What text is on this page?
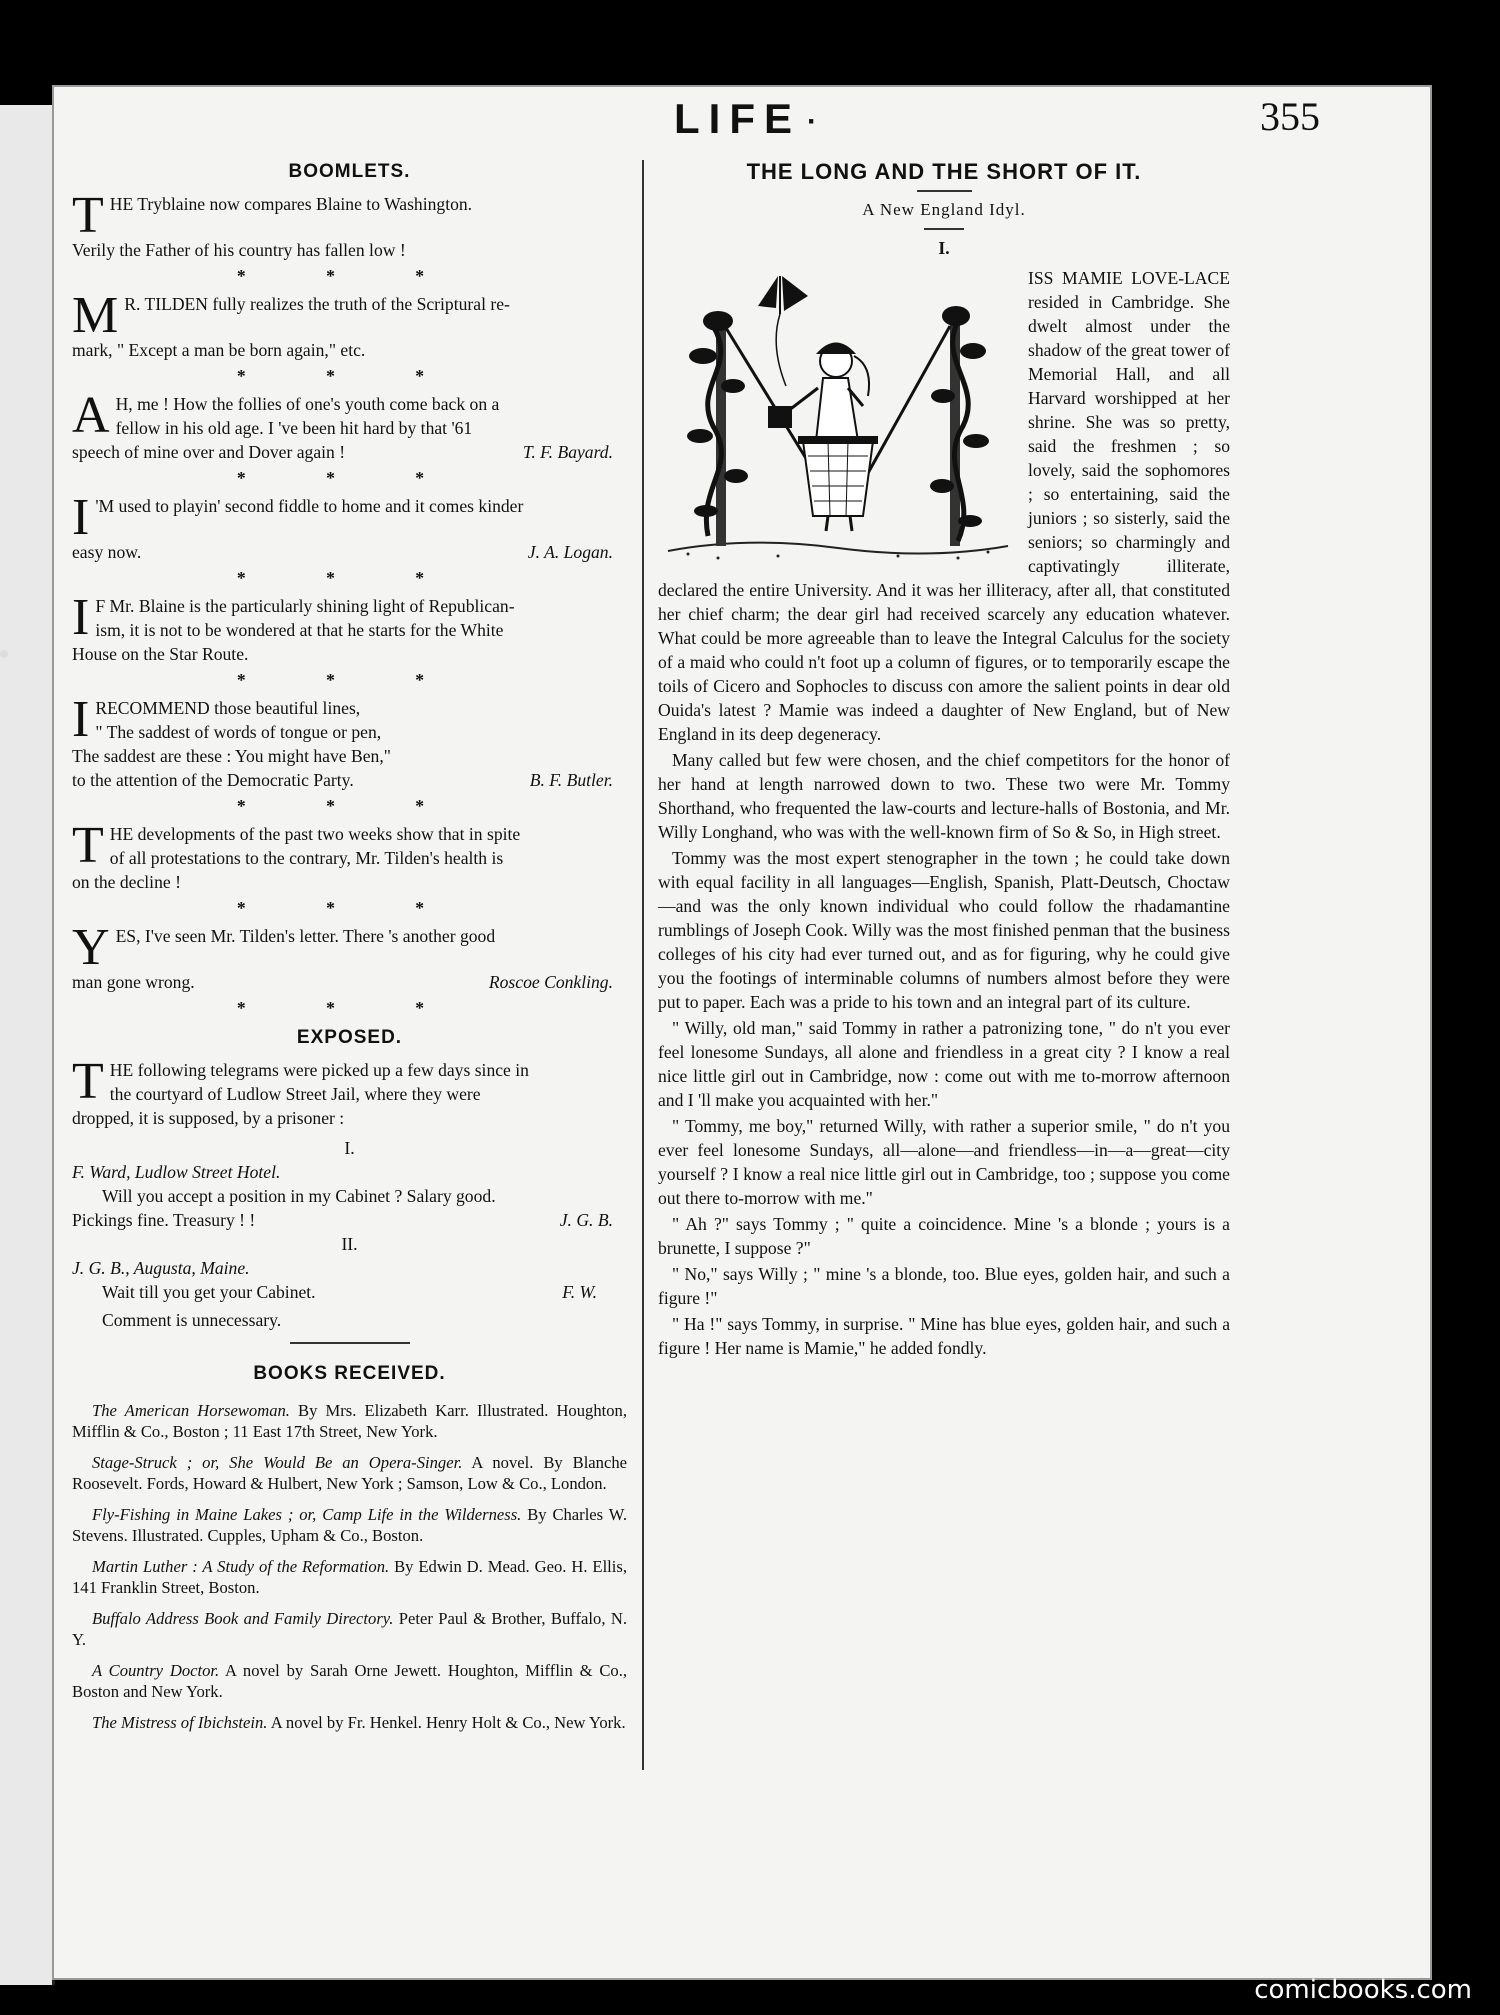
LIFE ·	355
BOOMLETS.
T HE Tryblaine now compares Blaine to Washington.
Verily the Father of his country has fallen low !
* * *
M R. TILDEN fully realizes the truth of the Scriptural re-
mark, " Except a man be born again," etc.
* * *
A H, me ! How the follies of one's youth come back on a
fellow in his old age. I 've been hit hard by that '61
speech of mine over and Dover again !	T. F. Bayard.
* * *
I 'M used to playin' second fiddle to home and it comes kinder
easy now.	J. A. Logan.
* * *
I F Mr. Blaine is the particularly shining light of Republican-
ism, it is not to be wondered at that he starts for the White
House on the Star Route.
* * *
I RECOMMEND those beautiful lines,
" The saddest of words of tongue or pen,
The saddest are these : You might have Ben,"
to the attention of the Democratic Party.	B. F. Butler.
* * *
T HE developments of the past two weeks show that in spite
of all protestations to the contrary, Mr. Tilden's health is
on the decline !
* * *
Y ES, I've seen Mr. Tilden's letter. There 's another good
man gone wrong.	Roscoe Conkling.
* * *
EXPOSED.
T HE following telegrams were picked up a few days since in
the courtyard of Ludlow Street Jail, where they were
dropped, it is supposed, by a prisoner :
I.
F. Ward, Ludlow Street Hotel.
Will you accept a position in my Cabinet ? Salary good.
Pickings fine. Treasury ! !	J. G. B.
II.
J. G. B., Augusta, Maine.
Wait till you get your Cabinet.	F. W.
Comment is unnecessary.
BOOKS RECEIVED.
The American Horsewoman. By Mrs. Elizabeth Karr. Illustrated. Houghton, Mifflin & Co., Boston ; 11 East 17th Street, New York.
Stage-Struck ; or, She Would Be an Opera-Singer. A novel. By Blanche Roosevelt. Fords, Howard & Hulbert, New York ; Samson, Low & Co., London.
Fly-Fishing in Maine Lakes ; or, Camp Life in the Wilderness. By Charles W. Stevens. Illustrated. Cupples, Upham & Co., Boston.
Martin Luther : A Study of the Reformation. By Edwin D. Mead. Geo. H. Ellis, 141 Franklin Street, Boston.
Buffalo Address Book and Family Directory. Peter Paul & Brother, Buffalo, N. Y.
A Country Doctor. A novel by Sarah Orne Jewett. Houghton, Mifflin & Co., Boston and New York.
The Mistress of Ibichstein. A novel by Fr. Henkel. Henry Holt & Co., New York.
THE LONG AND THE SHORT OF IT.
A New England Idyl.
I.
ISS MAMIE LOVE-LACE resided in Cambridge. She dwelt almost under the shadow of the great tower of Memorial Hall, and all Harvard worshipped at her shrine. She was so pretty, said the freshmen ; so lovely, said the sophomores ; so entertaining, said the juniors ; so sisterly, said the seniors; so charmingly and captivatingly illiterate, declared the entire University. And it was her illiteracy, after all, that constituted her chief charm; the dear girl had received scarcely any education whatever. What could be more agreeable than to leave the Integral Calculus for the society of a maid who could n't foot up a column of figures, or to temporarily escape the toils of Cicero and Sophocles to discuss con amore the salient points in dear old Ouida's latest ? Mamie was indeed a daughter of New England, but of New England in its deep degeneracy.
Many called but few were chosen, and the chief competitors for the honor of her hand at length narrowed down to two. These two were Mr. Tommy Shorthand, who frequented the law-courts and lecture-halls of Bostonia, and Mr. Willy Longhand, who was with the well-known firm of So & So, in High street.
Tommy was the most expert stenographer in the town ; he could take down with equal facility in all languages—English, Spanish, Platt-Deutsch, Choctaw—and was the only known individual who could follow the rhadamantine rumblings of Joseph Cook. Willy was the most finished penman that the business colleges of his city had ever turned out, and as for figuring, why he could give you the footings of interminable columns of numbers almost before they were put to paper. Each was a pride to his town and an integral part of its culture.
" Willy, old man," said Tommy in rather a patronizing tone, " do n't you ever feel lonesome Sundays, all alone and friendless in a great city ? I know a real nice little girl out in Cambridge, now : come out with me to-morrow afternoon and I 'll make you acquainted with her."
" Tommy, me boy," returned Willy, with rather a superior smile, " do n't you ever feel lonesome Sundays, all—alone—and friendless—in—a—great—city yourself ? I know a real nice little girl out in Cambridge, too ; suppose you come out there to-morrow with me."
" Ah ?" says Tommy ; " quite a coincidence. Mine 's a blonde ; yours is a brunette, I suppose ?"
" No," says Willy ; " mine 's a blonde, too. Blue eyes, golden hair, and such a figure !"
" Ha !" says Tommy, in surprise. " Mine has blue eyes, golden hair, and such a figure ! Her name is Mamie," he added fondly.
comicbooks.com
